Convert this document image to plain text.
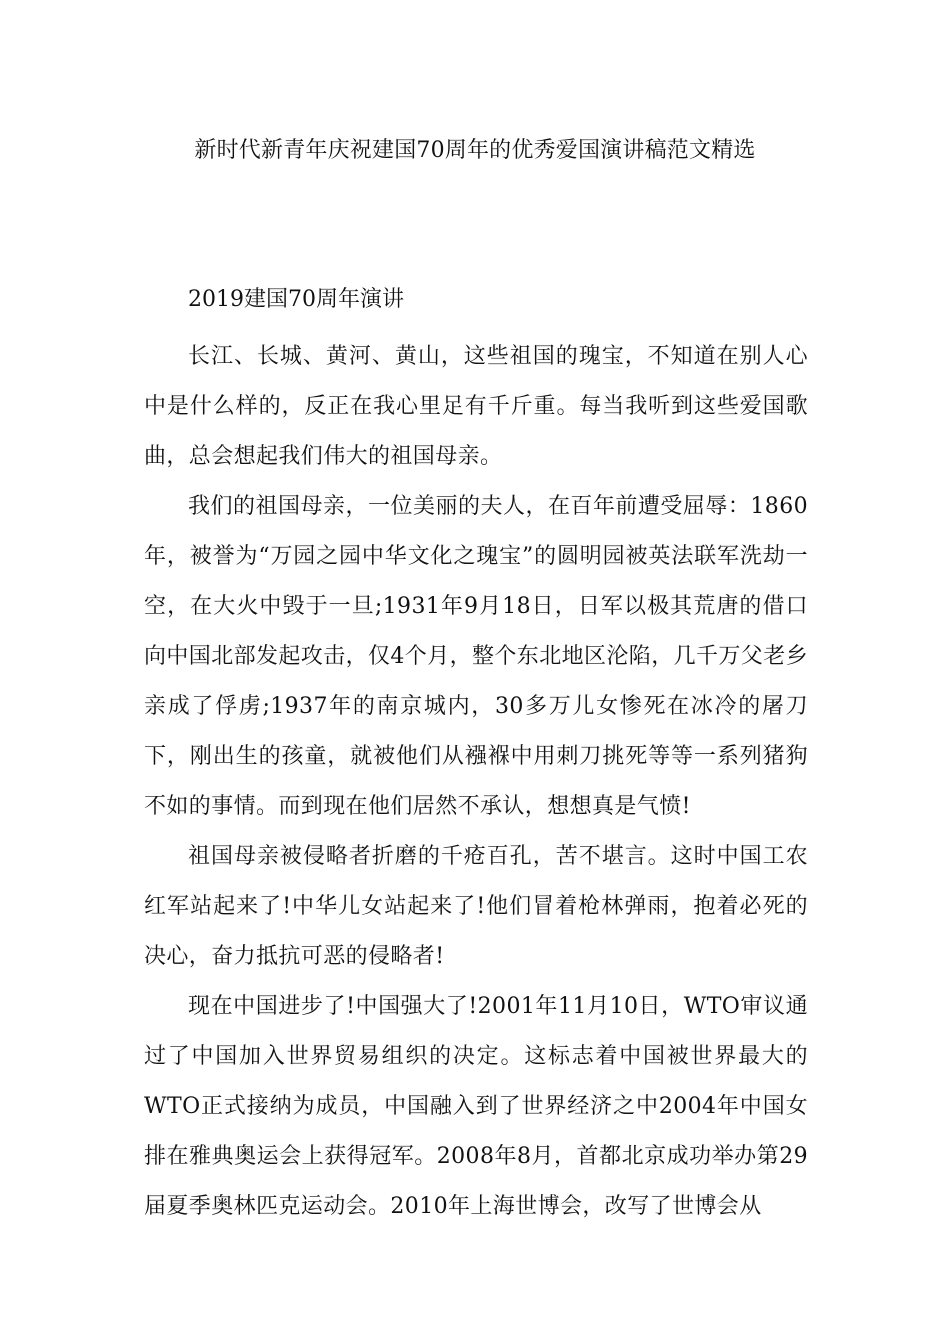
新时代新青年庆祝建国70周年的优秀爱国演讲稿范文精选
2019建国70周年演讲

长江、长城、黄河、黄山，这些祖国的瑰宝，不知道在别人心中是什么样的，反正在我心里足有千斤重。每当我听到这些爱国歌曲，总会想起我们伟大的祖国母亲。

我们的祖国母亲，一位美丽的夫人，在百年前遭受屈辱：1860年，被誉为“万园之园中华文化之瑰宝”的圆明园被英法联军洗劫一空，在大火中毁于一旦;1931年9月18日，日军以极其荒唐的借口向中国北部发起攻击，仅4个月，整个东北地区沦陷，几千万父老乡亲成了俘虏;1937年的南京城内，30多万儿女惨死在冰冷的屠刀下，刚出生的孩童，就被他们从襁褓中用刺刀挑死等等一系列猪狗不如的事情。而到现在他们居然不承认，想想真是气愤!

祖国母亲被侵略者折磨的千疮百孔，苦不堪言。这时中国工农红军站起来了!中华儿女站起来了!他们冒着枪林弹雨，抱着必死的决心，奋力抵抗可恶的侵略者!

现在中国进步了!中国强大了!2001年11月10日，WTO审议通过了中国加入世界贸易组织的决定。这标志着中国被世界最大的WTO正式接纳为成员，中国融入到了世界经济之中2004年中国女排在雅典奥运会上获得冠军。2008年8月，首都北京成功举办第29届夏季奥林匹克运动会。2010年上海世博会，改写了世博会从
